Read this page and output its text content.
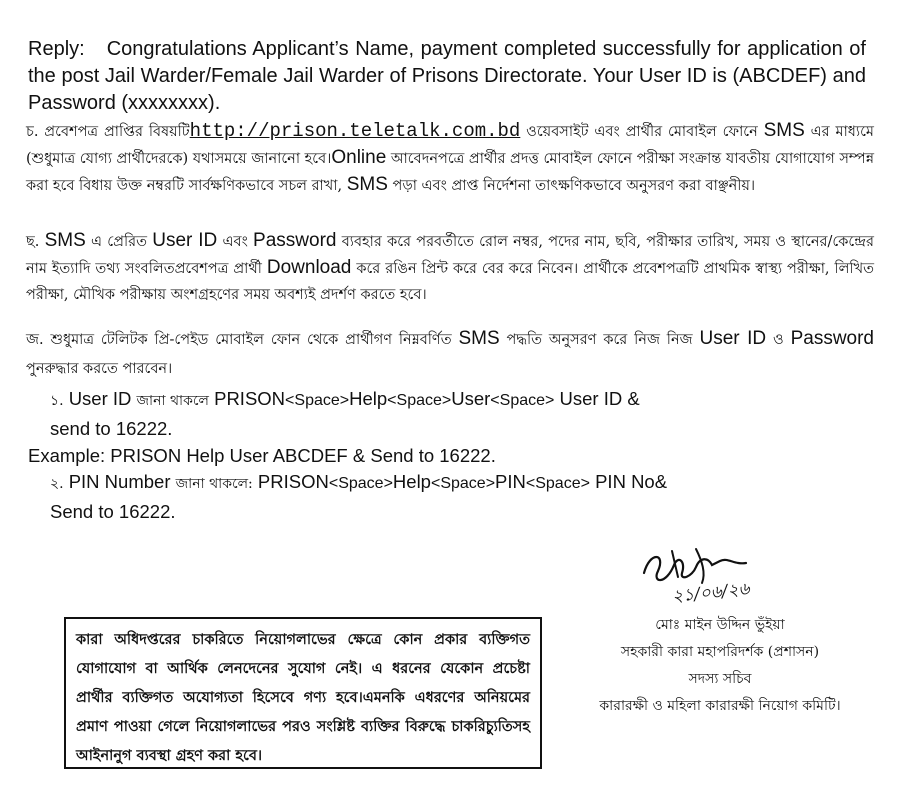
Reply: Congratulations Applicant’s Name, payment completed successfully for application of the post Jail Warder/Female Jail Warder of Prisons Directorate. Your User ID is (ABCDEF) and Password (xxxxxxxx).
চ. প্রবেশপত্র প্রাপ্তির বিষয়টিhttp://prison.teletalk.com.bd ওয়েবসাইট এবং প্রার্থীর মোবাইল ফোনে SMS এর মাধ্যমে (শুধুমাত্র যোগ্য প্রার্থীদেরকে) যথাসময়ে জানানো হবে।Online আবেদনপত্রে প্রার্থীর প্রদত্ত মোবাইল ফোনে পরীক্ষা সংক্রান্ত যাবতীয় যোগাযোগ সম্পন্ন করা হবে বিধায় উক্ত নম্বরটি সার্বক্ষণিকভাবে সচল রাখা, SMS পড়া এবং প্রাপ্ত নির্দেশনা তাৎক্ষণিকভাবে অনুসরণ করা বাঞ্ছনীয়।
ছ. SMS এ প্রেরিত User ID এবং Password ব্যবহার করে পরবর্তীতে রোল নম্বর, পদের নাম, ছবি, পরীক্ষার তারিখ, সময় ও স্থানের/কেন্দ্রের নাম ইত্যাদি তথ্য সংবলিতপ্রবেশপত্র প্রার্থী Download করে রঙিন প্রিন্ট করে বের করে নিবেন। প্রার্থীকে প্রবেশপত্রটি প্রাথমিক স্বাস্থ্য পরীক্ষা, লিখিত পরীক্ষা, মৌখিক পরীক্ষায় অংশগ্রহণের সময় অবশ্যই প্রদর্শণ করতে হবে।
জ. শুধুমাত্র টেলিটক প্রি-পেইড মোবাইল ফোন থেকে প্রার্থীগণ নিম্নবর্ণিত SMS পদ্ধতি অনুসরণ করে নিজ নিজ User ID ও Password পুনরুদ্ধার করতে পারবেন।
১. User ID জানা থাকলে PRISON<Space>Help<Space>User<Space> User ID &
send to 16222.
Example: PRISON Help User ABCDEF & Send to 16222.
২. PIN Number জানা থাকলে: PRISON<Space>Help<Space>PIN<Space> PIN No&
Send to 16222.
২১/০৬/২৬
মোঃ মাইন উদ্দিন ভুঁইয়া
সহকারী কারা মহাপরিদর্শক (প্রশাসন)
সদস্য সচিব
কারারক্ষী ও মহিলা কারারক্ষী নিয়োগ কমিটি।
কারা অধিদপ্তরের চাকরিতে নিয়োগলাভের ক্ষেত্রে কোন প্রকার ব্যক্তিগত যোগাযোগ বা আর্থিক লেনদেনের সুযোগ নেই। এ ধরনের যেকোন প্রচেষ্টা প্রার্থীর ব্যক্তিগত অযোগ্যতা হিসেবে গণ্য হবে।এমনকি এধরণের অনিয়মের প্রমাণ পাওয়া গেলে নিয়োগলাভের পরও সংশ্লিষ্ট ব্যক্তির বিরুদ্ধে চাকরিচ্যুতিসহ আইনানুগ ব্যবস্থা গ্রহণ করা হবে।
